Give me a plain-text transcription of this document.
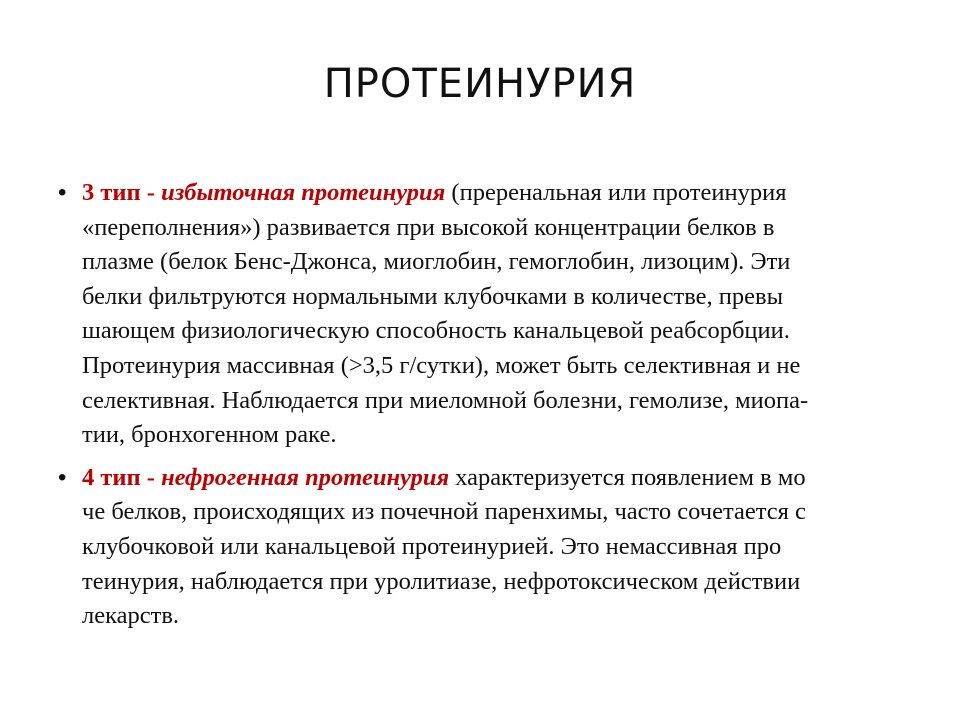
ПРОТЕИНУРИЯ
• 3 тип - избыточная протеинурия (преренальная или протеинурия
«переполнения») развивается при высокой концентрации белков в
плазме (белок Бенс-Джонса, миоглобин, гемоглобин, лизоцим). Эти
белки фильтруются нормальными клубочками в количестве, превы
шающем физиологическую способность канальцевой реабсорбции.
Протеинурия массивная (>3,5 г/сутки), может быть селективная и не
селективная. Наблюдается при миеломной болезни, гемолизе, миопа-
тии, бронхогенном раке.
• 4 тип - нефрогенная протеинурия характеризуется появлением в мо
че белков, происходящих из почечной паренхимы, часто сочетается с
клубочковой или канальцевой протеинурией. Это немассивная про
теинурия, наблюдается при уролитиазе, нефротоксическом действии
лекарств.
